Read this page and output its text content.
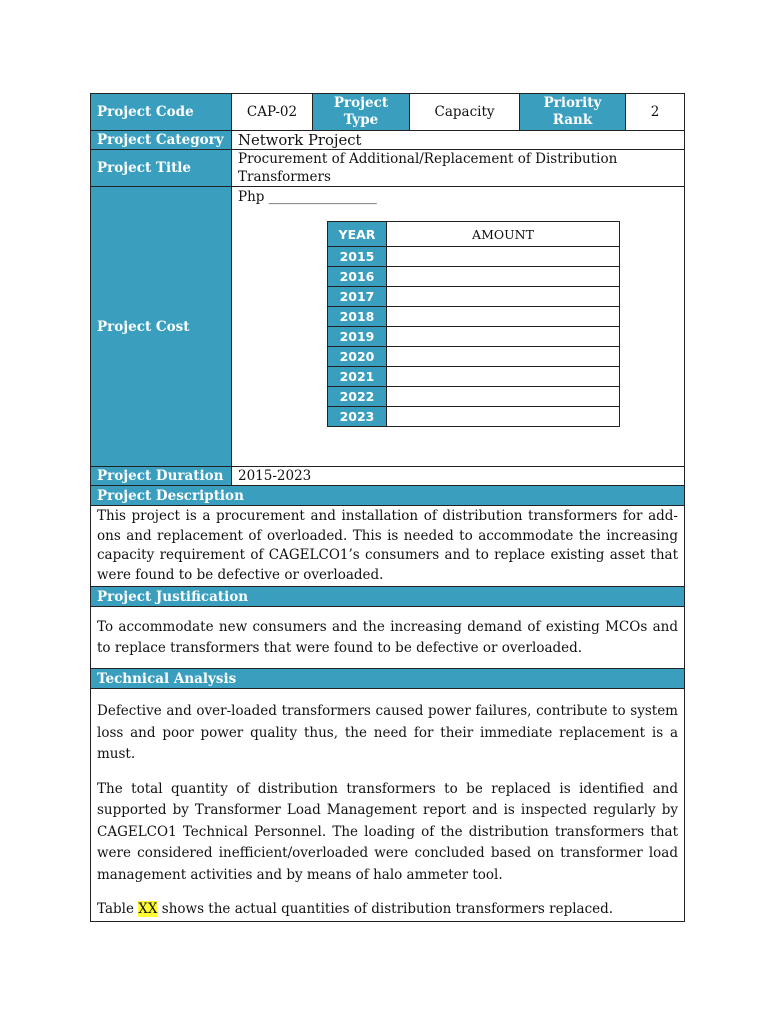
Project Code	CAP-02	Project Type	Capacity	Priority Rank	2
Project Category	Network Project
Project Title	Procurement of Additional/Replacement of Distribution Transformers
Project Cost	
Php ________________
YEAR	AMOUNT
2015	
2016	
2017	
2018	
2019	
2020	
2021	
2022	
2023	

Project Duration	2015-2023
Project Description
This project is a procurement and installation of distribution transformers for add-ons and replacement of overloaded. This is needed to accommodate the increasing capacity requirement of CAGELCO1’s consumers and to replace existing asset that were found to be defective or overloaded.
Project Justification
To accommodate new consumers and the increasing demand of existing MCOs and to replace transformers that were found to be defective or overloaded.
Technical Analysis

Defective and over-loaded transformers caused power failures, contribute to system loss and poor power quality thus, the need for their immediate replacement is a must.

The total quantity of distribution transformers to be replaced is identified and supported by Transformer Load Management report and is inspected regularly by CAGELCO1 Technical Personnel. The loading of the distribution transformers that were considered inefficient/overloaded were concluded based on transformer load management activities and by means of halo ammeter tool.

Table XX shows the actual quantities of distribution transformers replaced.
